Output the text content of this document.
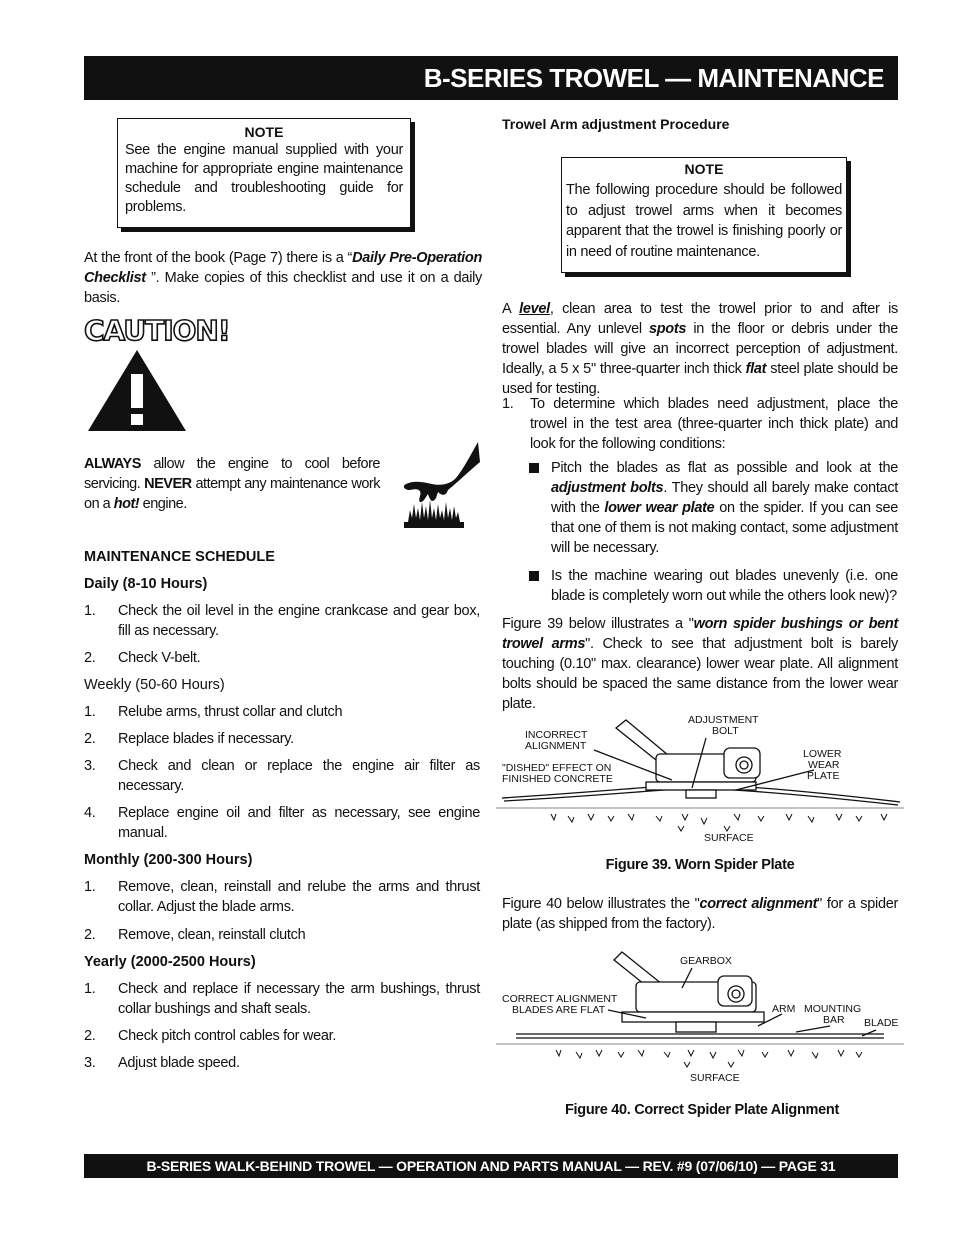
B-SERIES TROWEL — MAINTENANCE
NOTE
See the engine manual supplied with your machine for appropriate engine maintenance schedule and troubleshooting guide for problems.

At the front of the book (Page 7) there is a “Daily Pre-Operation Checklist ”. Make copies of this checklist and use it on a daily basis.

CAUTION!

ALWAYS allow the engine to cool before servicing. NEVER attempt any maintenance work on a hot! engine.

MAINTENANCE SCHEDULE
Daily (8-10 Hours)
1. Check the oil level in the engine crankcase and gear box, fill as necessary.
2. Check V-belt.
Weekly (50-60 Hours)
1. Relube arms, thrust collar and clutch
2. Replace blades if necessary.
3. Check and clean or replace the engine air filter as necessary.
4. Replace engine oil and filter as necessary, see engine manual.
Monthly (200-300 Hours)
1. Remove, clean, reinstall and relube the arms and thrust collar. Adjust the blade arms.
2. Remove, clean, reinstall clutch
Yearly (2000-2500 Hours)
1. Check and replace if necessary the arm bushings, thrust collar bushings and shaft seals.
2. Check pitch control cables for wear.
3. Adjust blade speed.
Trowel Arm adjustment Procedure
NOTE
The following procedure should be followed to adjust trowel arms when it becomes apparent that the trowel is finishing poorly or in need of routine maintenance.

A level, clean area to test the trowel prior to and after is essential. Any unlevel spots in the floor or debris under the trowel blades will give an incorrect perception of adjustment. Ideally, a 5 x 5" three-quarter inch thick flat steel plate should be used for testing.

1. To determine which blades need adjustment, place the trowel in the test area (three-quarter inch thick plate) and look for the following conditions:
Pitch the blades as flat as possible and look at the adjustment bolts. They should all barely make contact with the lower wear plate on the spider. If you can see that one of them is not making contact, some adjustment will be necessary.
Is the machine wearing out blades unevenly (i.e. one blade is completely worn out while the others look new)?

Figure 39 below illustrates a "worn spider bushings or bent trowel arms". Check to see that adjustment bolt is barely touching (0.10" max. clearance) lower wear plate. All alignment bolts should be spaced the same distance from the lower wear plate.

INCORRECT
ALIGNMENT
"DISHED" EFFECT ON
FINISHED CONCRETE
ADJUSTMENT
BOLT
LOWER
WEAR
PLATE
SURFACE
Figure 39. Worn Spider Plate

Figure 40 below illustrates the "correct alignment" for a spider plate (as shipped from the factory).

GEARBOX
CORRECT ALIGNMENT
BLADES ARE FLAT	ARM MOUNTING
BAR BLADE
SURFACE
Figure 40. Correct Spider Plate Alignment
B-SERIES WALK-BEHIND TROWEL — OPERATION AND PARTS MANUAL — REV. #9 (07/06/10) — PAGE 31
